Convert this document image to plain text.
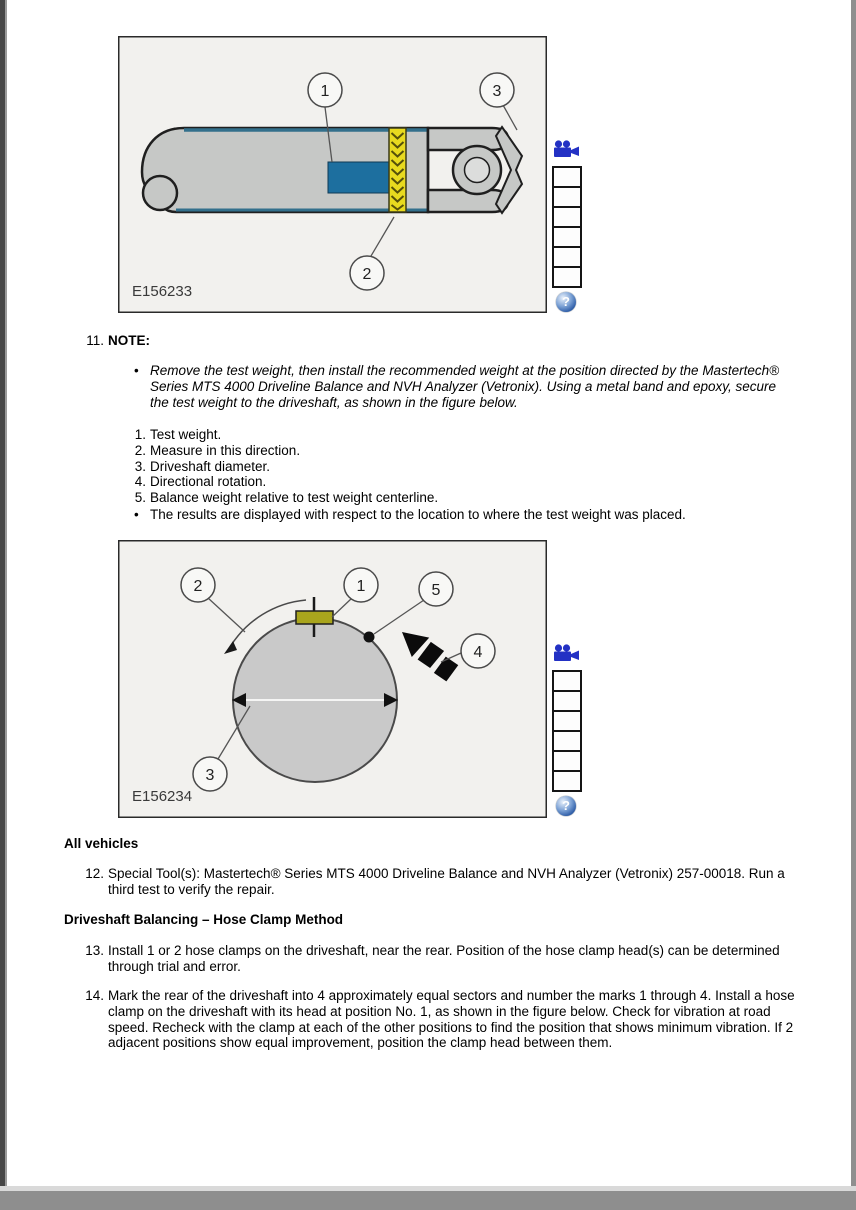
1
2
3
E156233
?
11. NOTE:
•
Remove the test weight, then install the recommended weight at the position directed by the Mastertech® Series MTS 4000 Driveline Balance and NVH Analyzer (Vetronix). Using a metal band and epoxy, secure the test weight to the driveshaft, as shown in the figure below.
1. Test weight.
2. Measure in this direction.
3. Driveshaft diameter.
4. Directional rotation.
5. Balance weight relative to test weight centerline.
•
The results are displayed with respect to the location to where the test weight was placed.
2	1	5
4
3
E156234
?
All vehicles
12. Special Tool(s): Mastertech® Series MTS 4000 Driveline Balance and NVH Analyzer (Vetronix) 257-00018. Run a third test to verify the repair.
Driveshaft Balancing – Hose Clamp Method
13. Install 1 or 2 hose clamps on the driveshaft, near the rear. Position of the hose clamp head(s) can be determined through trial and error.
14. Mark the rear of the driveshaft into 4 approximately equal sectors and number the marks 1 through 4. Install a hose clamp on the driveshaft with its head at position No. 1, as shown in the figure below. Check for vibration at road speed. Recheck with the clamp at each of the other positions to find the position that shows minimum vibration. If 2 adjacent positions show equal improvement, position the clamp head between them.
